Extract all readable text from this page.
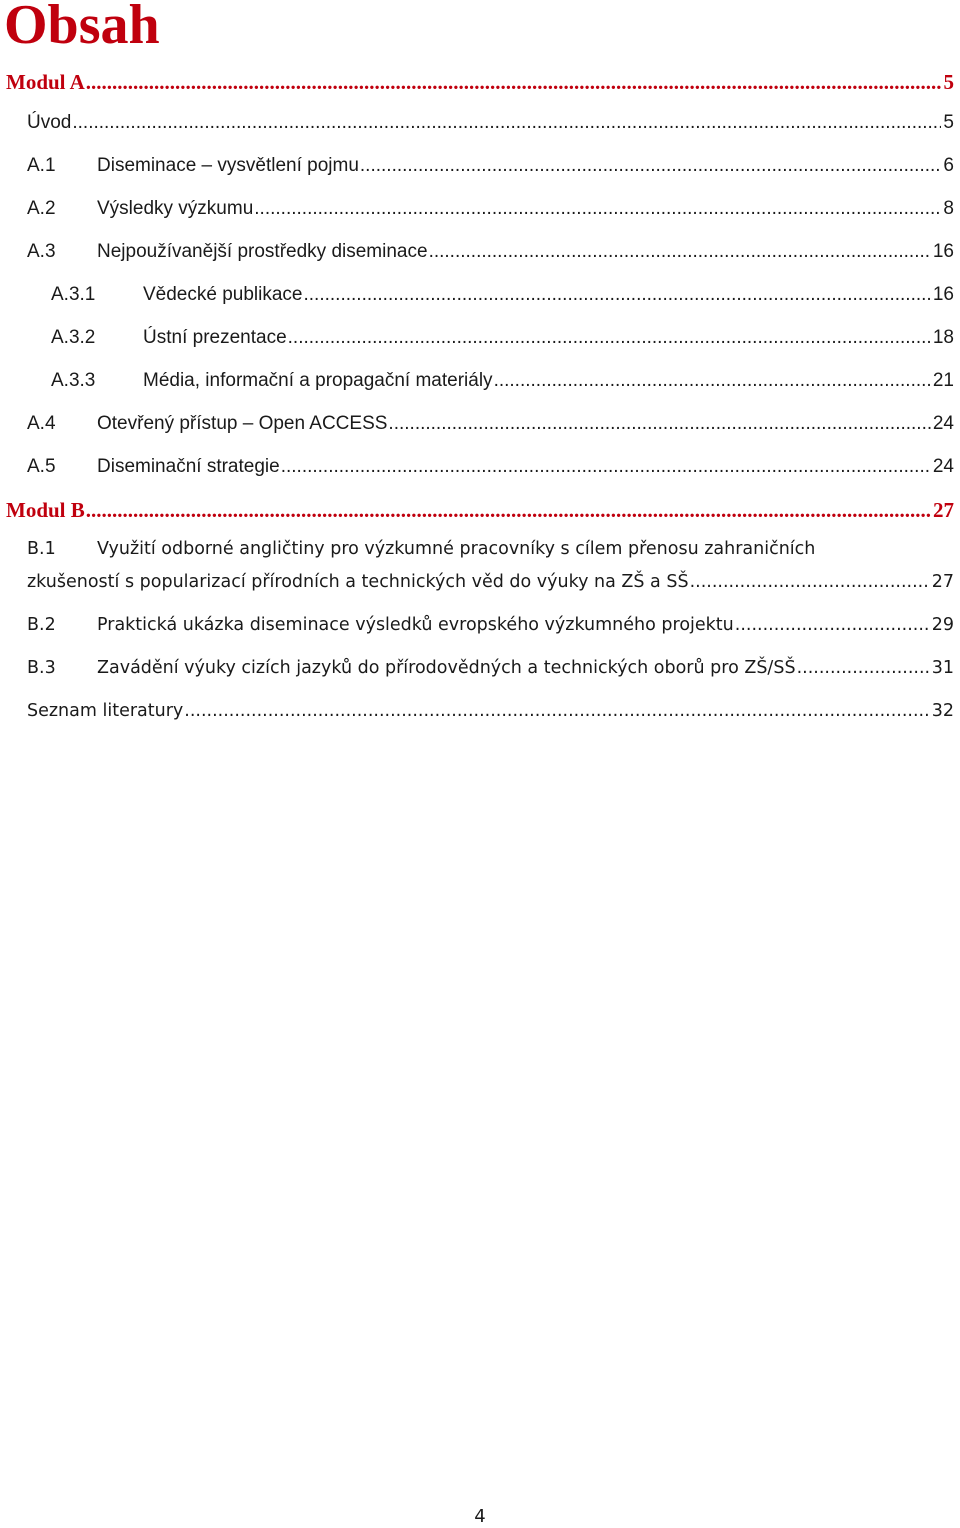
Obsah
Modul A .....	5
Úvod .....	5
A.1	Diseminace – vysvětlení pojmu .....	6
A.2	Výsledky výzkumu .....	8
A.3	Nejpoužívanější prostředky diseminace .....	16
A.3.1	Vědecké publikace .....	16
A.3.2	Ústní prezentace .....	18
A.3.3	Média, informační a propagační materiály .....	21
A.4	Otevřený přístup – Open ACCESS .....	24
A.5	Diseminační strategie .....	24
Modul B .....	27
B.1 Využití odborné angličtiny pro výzkumné pracovníky s cílem přenosu zahraničních
zkušeností s popularizací přírodních a technických věd do výuky na ZŠ a SŠ .....	27
B.2	Praktická ukázka diseminace výsledků evropského výzkumného projektu .....	29
B.3	Zavádění výuky cizích jazyků do přírodovědných a technických oborů pro ZŠ/SŠ .....	31
Seznam literatury .....	32
4
